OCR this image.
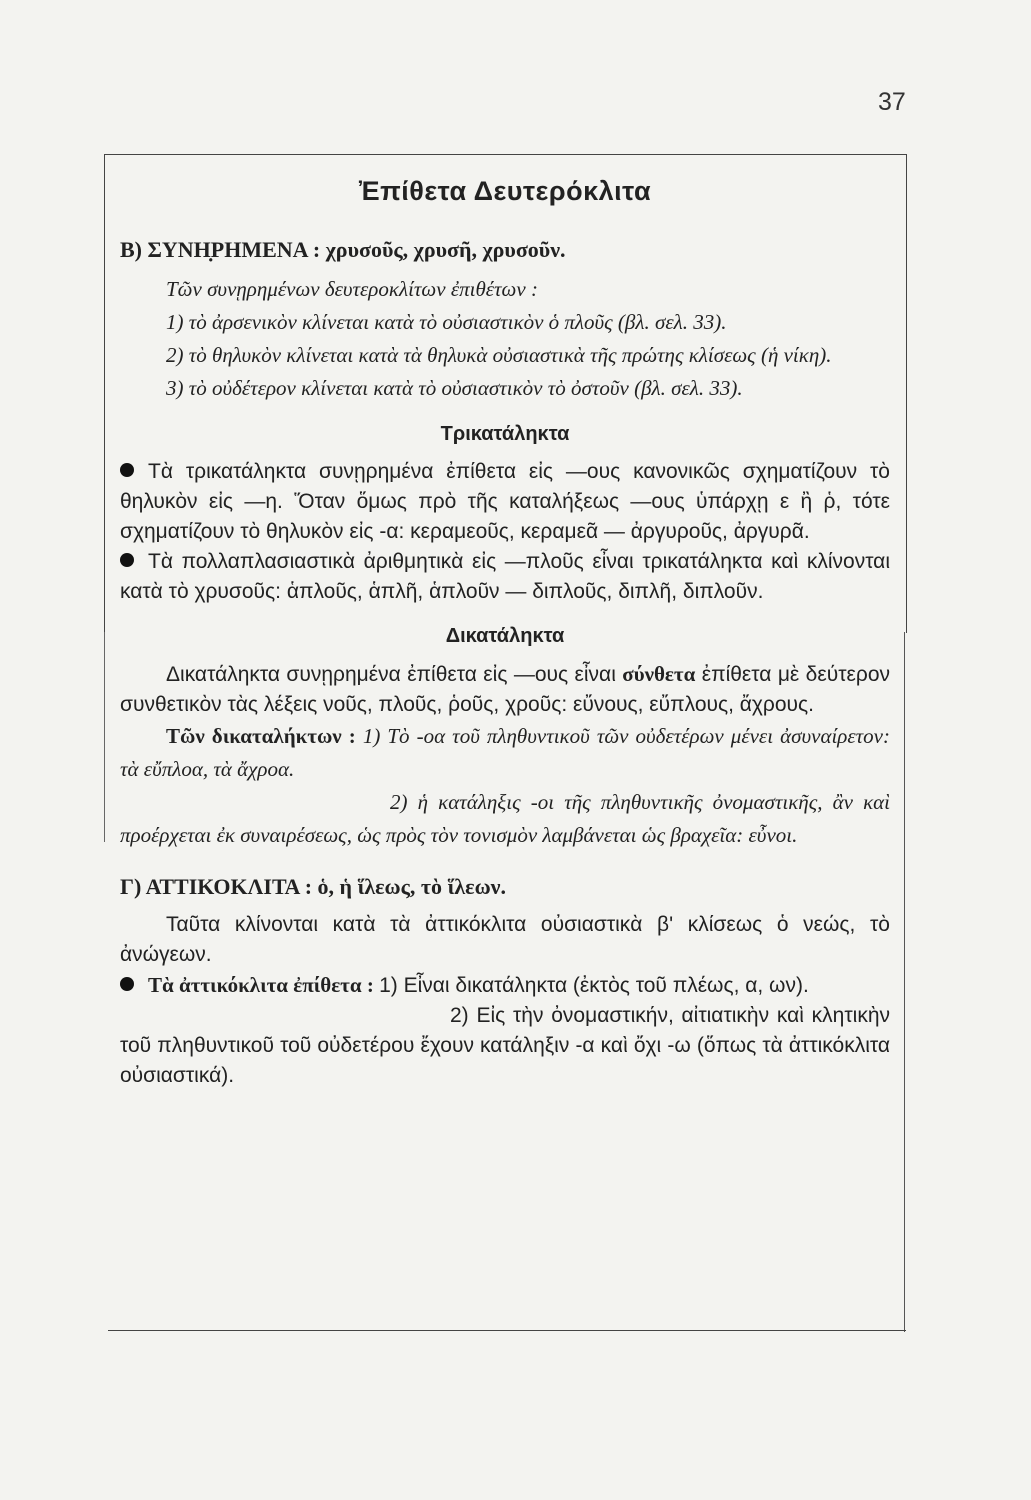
37
Ἐπίθετα Δευτερόκλιτα
Β) ΣΥΝΗ̣ΡΗΜΕΝΑ : χρυσοῦς, χρυσῆ, χρυσοῦν.

Τῶν συνῃρημένων δευτεροκλίτων ἐπιθέτων :

1) τὸ ἀρσενικὸν κλίνεται κατὰ τὸ οὐσιαστικὸν ὁ πλοῦς (βλ. σελ. 33).

2) τὸ θηλυκὸν κλίνεται κατὰ τὰ θηλυκὰ οὐσιαστικὰ τῆς πρώτης κλίσεως (ἡ νίκη).

3) τὸ οὐδέτερον κλίνεται κατὰ τὸ οὐσιαστικὸν τὸ ὀστοῦν (βλ. σελ. 33).

Τρικατάληκτα

Τὰ τρικατάληκτα συνῃρημένα ἐπίθετα εἰς —ους κανονικῶς σχηματίζουν τὸ θηλυκὸν εἰς —η. Ὅταν ὅμως πρὸ τῆς καταλήξεως —ους ὑπάρχῃ ε ἢ ῥ, τότε σχηματίζουν τὸ θηλυκὸν εἰς -α: κεραμεοῦς, κεραμεᾶ — ἀργυροῦς, ἀργυρᾶ.

Τὰ πολλαπλασιαστικὰ ἀριθμητικὰ εἰς —πλοῦς εἶναι τρικατάληκτα καὶ κλίνονται κατὰ τὸ χρυσοῦς: ἁπλοῦς, ἁπλῆ, ἁπλοῦν — διπλοῦς, διπλῆ, διπλοῦν.

Δικατάληκτα

Δικατάληκτα συνῃρημένα ἐπίθετα εἰς —ους εἶναι σύνθετα ἐπίθετα μὲ δεύτερον συνθετικὸν τὰς λέξεις νοῦς, πλοῦς, ῥοῦς, χροῦς: εὔνους, εὔπλους, ἄχρους.

Τῶν δικαταλήκτων : 1) Τὸ -οα τοῦ πληθυντικοῦ τῶν οὐδετέρων μένει ἀσυναίρετον: τὰ εὔπλοα, τὰ ἄχροα.

2) ἡ κατάληξις -οι τῆς πληθυντικῆς ὀνομαστικῆς, ἂν καὶ προέρχεται ἐκ συναιρέσεως, ὡς πρὸς τὸν τονισμὸν λαμβάνεται ὡς βραχεῖα: εὖνοι.

Γ) ΑΤΤΙΚΟΚΛΙΤΑ : ὁ, ἡ ἵλεως, τὸ ἵλεων.

Ταῦτα κλίνονται κατὰ τὰ ἀττικόκλιτα οὐσιαστικὰ β' κλίσεως ὁ νεώς, τὸ ἀνώγεων.

Τὰ ἀττικόκλιτα ἐπίθετα : 1) Εἶναι δικατάληκτα (ἐκτὸς τοῦ πλέως, α, ων).

2) Εἰς τὴν ὀνομαστικήν, αἰτιατικὴν καὶ κλητικὴν τοῦ πληθυντικοῦ τοῦ οὐδετέρου ἔχουν κατάληξιν -α καὶ ὄχι -ω (ὅπως τὰ ἀττικόκλιτα οὐσιαστικά).
